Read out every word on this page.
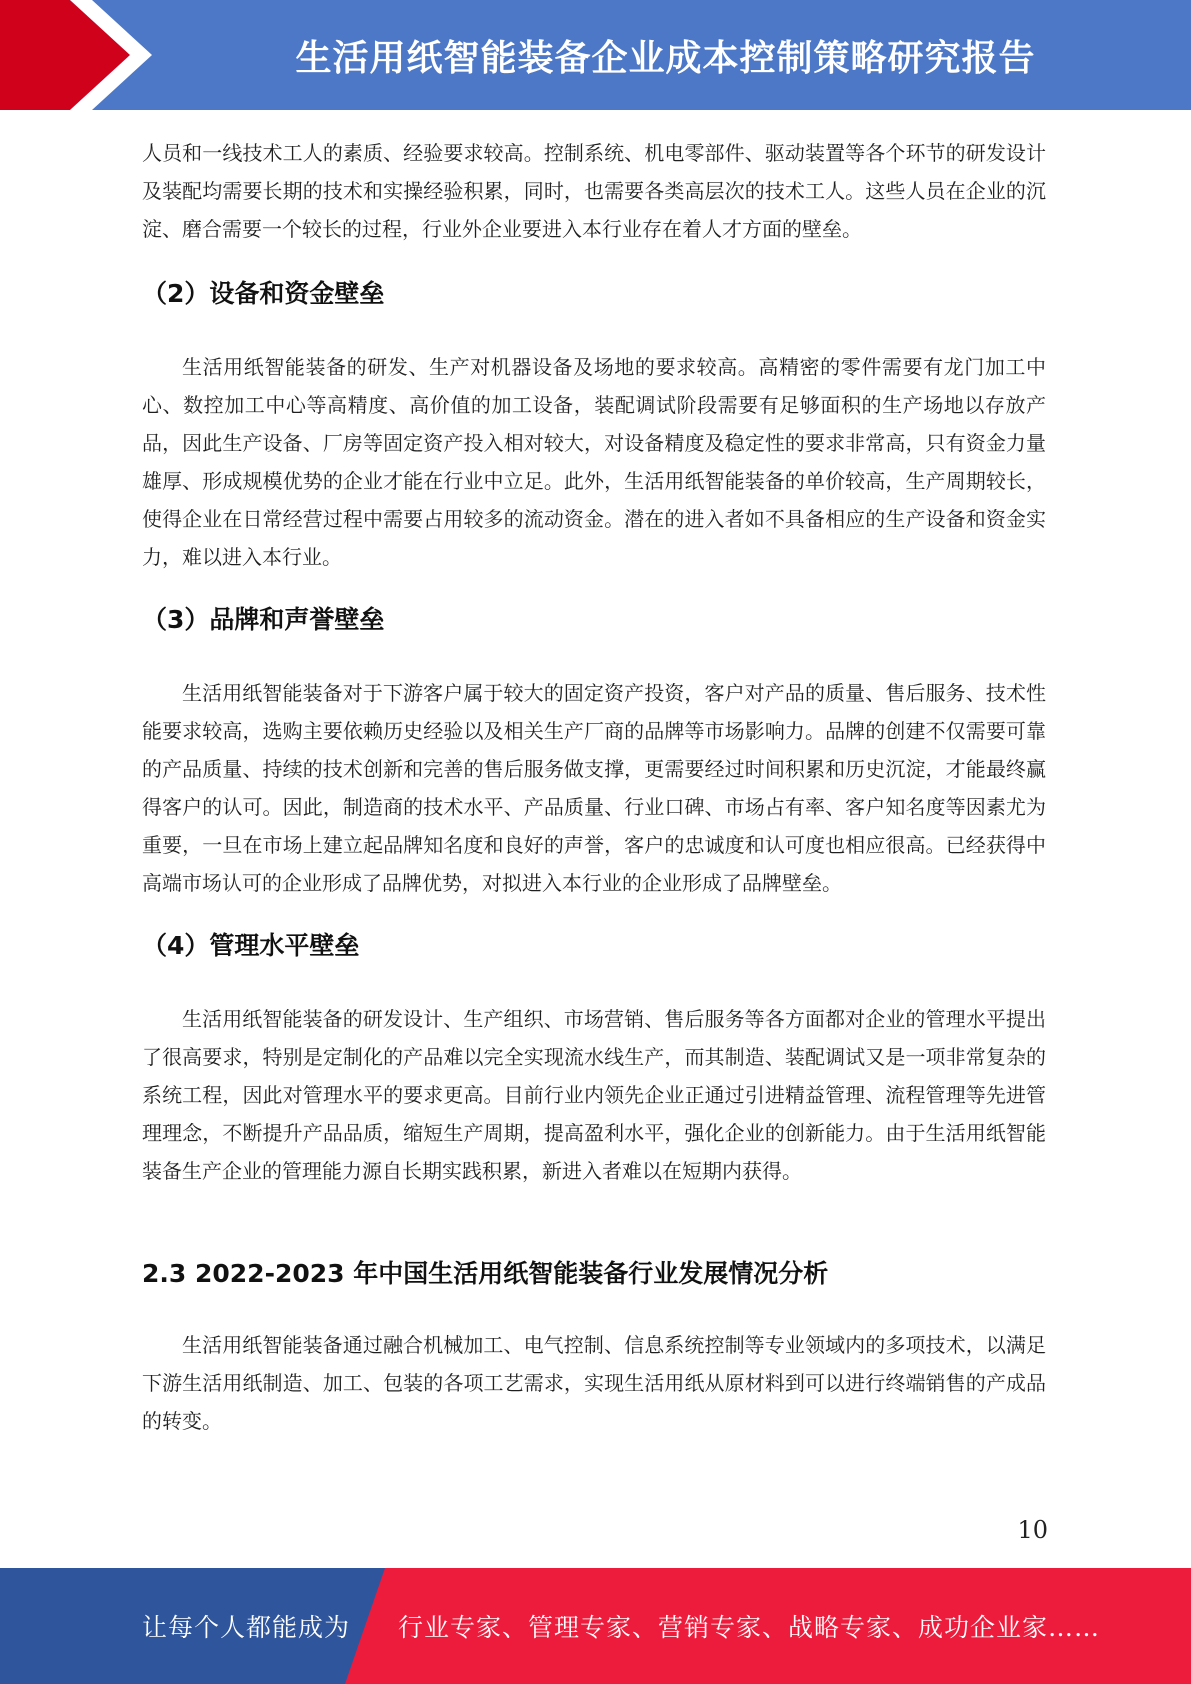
生活用纸智能装备企业成本控制策略研究报告

人员和一线技术工人的素质、经验要求较高。控制系统、机电零部件、驱动装置等各个环节的研发设计及装配均需要长期的技术和实操经验积累，同时，也需要各类高层次的技术工人。这些人员在企业的沉淀、磨合需要一个较长的过程，行业外企业要进入本行业存在着人才方面的壁垒。

（2）设备和资金壁垒

生活用纸智能装备的研发、生产对机器设备及场地的要求较高。高精密的零件需要有龙门加工中心、数控加工中心等高精度、高价值的加工设备，装配调试阶段需要有足够面积的生产场地以存放产品，因此生产设备、厂房等固定资产投入相对较大，对设备精度及稳定性的要求非常高，只有资金力量雄厚、形成规模优势的企业才能在行业中立足。此外，生活用纸智能装备的单价较高，生产周期较长，使得企业在日常经营过程中需要占用较多的流动资金。潜在的进入者如不具备相应的生产设备和资金实力，难以进入本行业。

（3）品牌和声誉壁垒

生活用纸智能装备对于下游客户属于较大的固定资产投资，客户对产品的质量、售后服务、技术性能要求较高，选购主要依赖历史经验以及相关生产厂商的品牌等市场影响力。品牌的创建不仅需要可靠的产品质量、持续的技术创新和完善的售后服务做支撑，更需要经过时间积累和历史沉淀，才能最终赢得客户的认可。因此，制造商的技术水平、产品质量、行业口碑、市场占有率、客户知名度等因素尤为重要，一旦在市场上建立起品牌知名度和良好的声誉，客户的忠诚度和认可度也相应很高。已经获得中高端市场认可的企业形成了品牌优势，对拟进入本行业的企业形成了品牌壁垒。

（4）管理水平壁垒

生活用纸智能装备的研发设计、生产组织、市场营销、售后服务等各方面都对企业的管理水平提出了很高要求，特别是定制化的产品难以完全实现流水线生产，而其制造、装配调试又是一项非常复杂的系统工程，因此对管理水平的要求更高。目前行业内领先企业正通过引进精益管理、流程管理等先进管理理念，不断提升产品品质，缩短生产周期，提高盈利水平，强化企业的创新能力。由于生活用纸智能装备生产企业的管理能力源自长期实践积累，新进入者难以在短期内获得。

2.3 2022-2023 年中国生活用纸智能装备行业发展情况分析

生活用纸智能装备通过融合机械加工、电气控制、信息系统控制等专业领域内的多项技术，以满足下游生活用纸制造、加工、包装的各项工艺需求，实现生活用纸从原材料到可以进行终端销售的产成品的转变。

10
让每个人都能成为 行业专家、管理专家、营销专家、战略专家、成功企业家……
